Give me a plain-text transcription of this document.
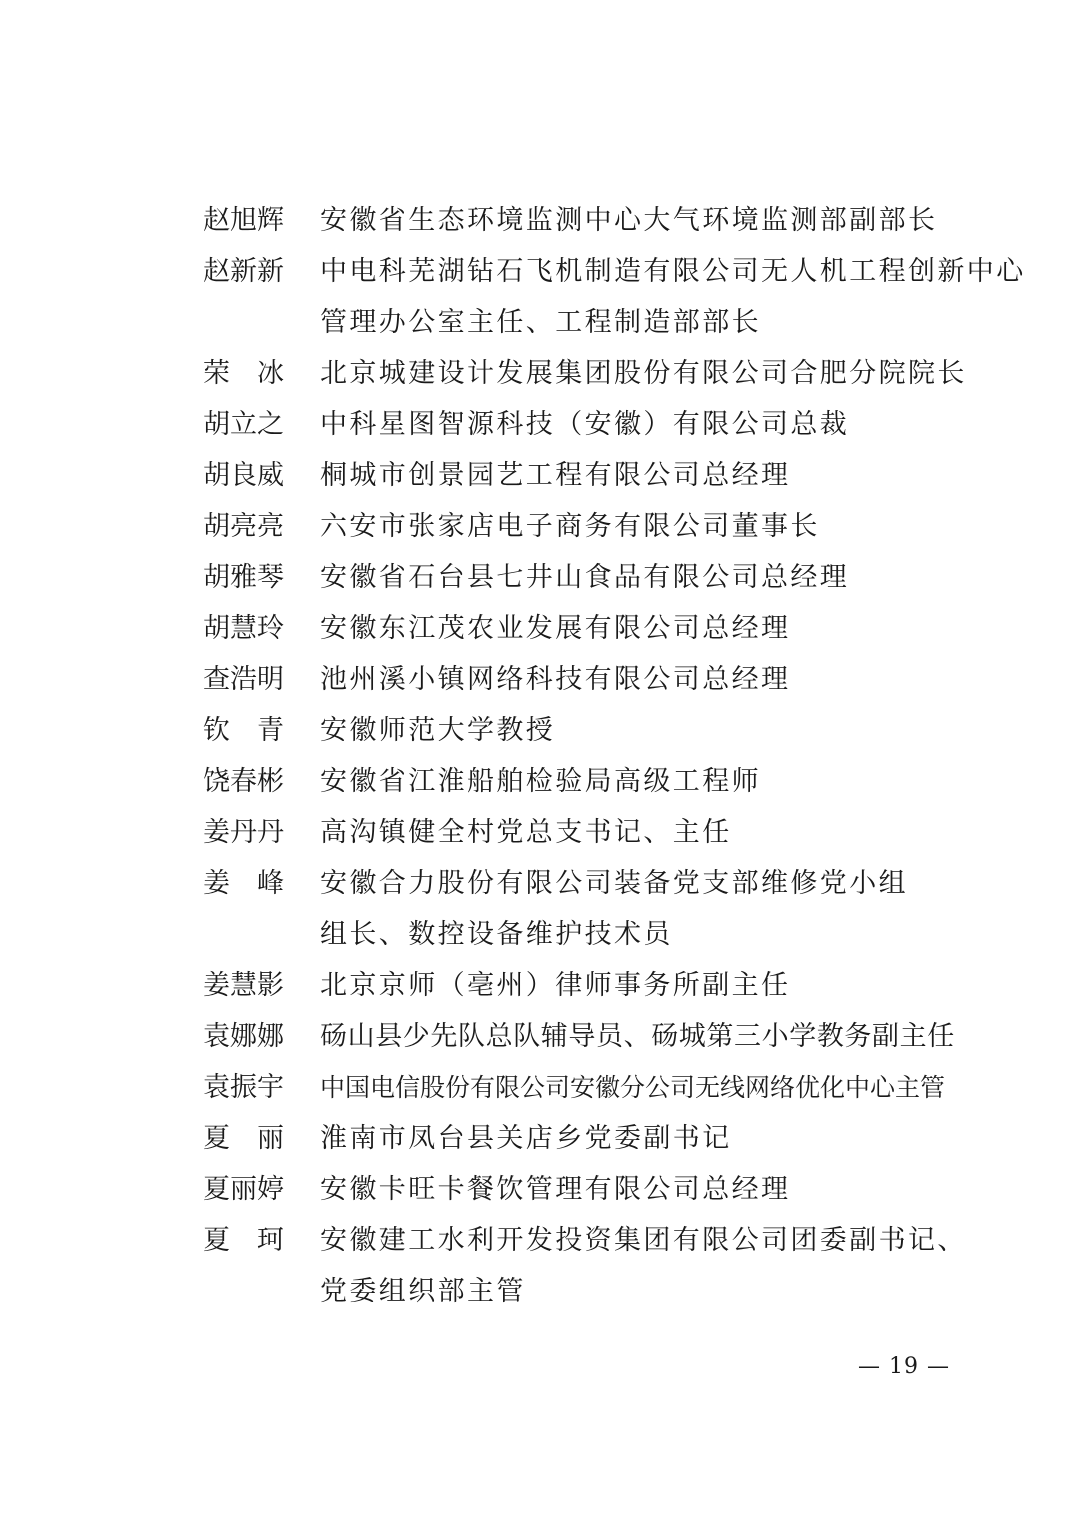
赵旭辉 安徽省生态环境监测中心大气环境监测部副部长
赵新新 中电科芜湖钻石飞机制造有限公司无人机工程创新中心
管理办公室主任、工程制造部部长
荣　冰 北京城建设计发展集团股份有限公司合肥分院院长
胡立之 中科星图智源科技（安徽）有限公司总裁
胡良威 桐城市创景园艺工程有限公司总经理
胡亮亮 六安市张家店电子商务有限公司董事长
胡雅琴 安徽省石台县七井山食品有限公司总经理
胡慧玲 安徽东江茂农业发展有限公司总经理
查浩明 池州溪小镇网络科技有限公司总经理
钦　青 安徽师范大学教授
饶春彬 安徽省江淮船舶检验局高级工程师
姜丹丹 高沟镇健全村党总支书记、主任
姜　峰 安徽合力股份有限公司装备党支部维修党小组
组长、数控设备维护技术员
姜慧影 北京京师（亳州）律师事务所副主任
袁娜娜 砀山县少先队总队辅导员、砀城第三小学教务副主任
袁振宇 中国电信股份有限公司安徽分公司无线网络优化中心主管
夏　丽 淮南市凤台县关店乡党委副书记
夏丽婷 安徽卡旺卡餐饮管理有限公司总经理
夏　珂 安徽建工水利开发投资集团有限公司团委副书记、
党委组织部主管
— 19 —
